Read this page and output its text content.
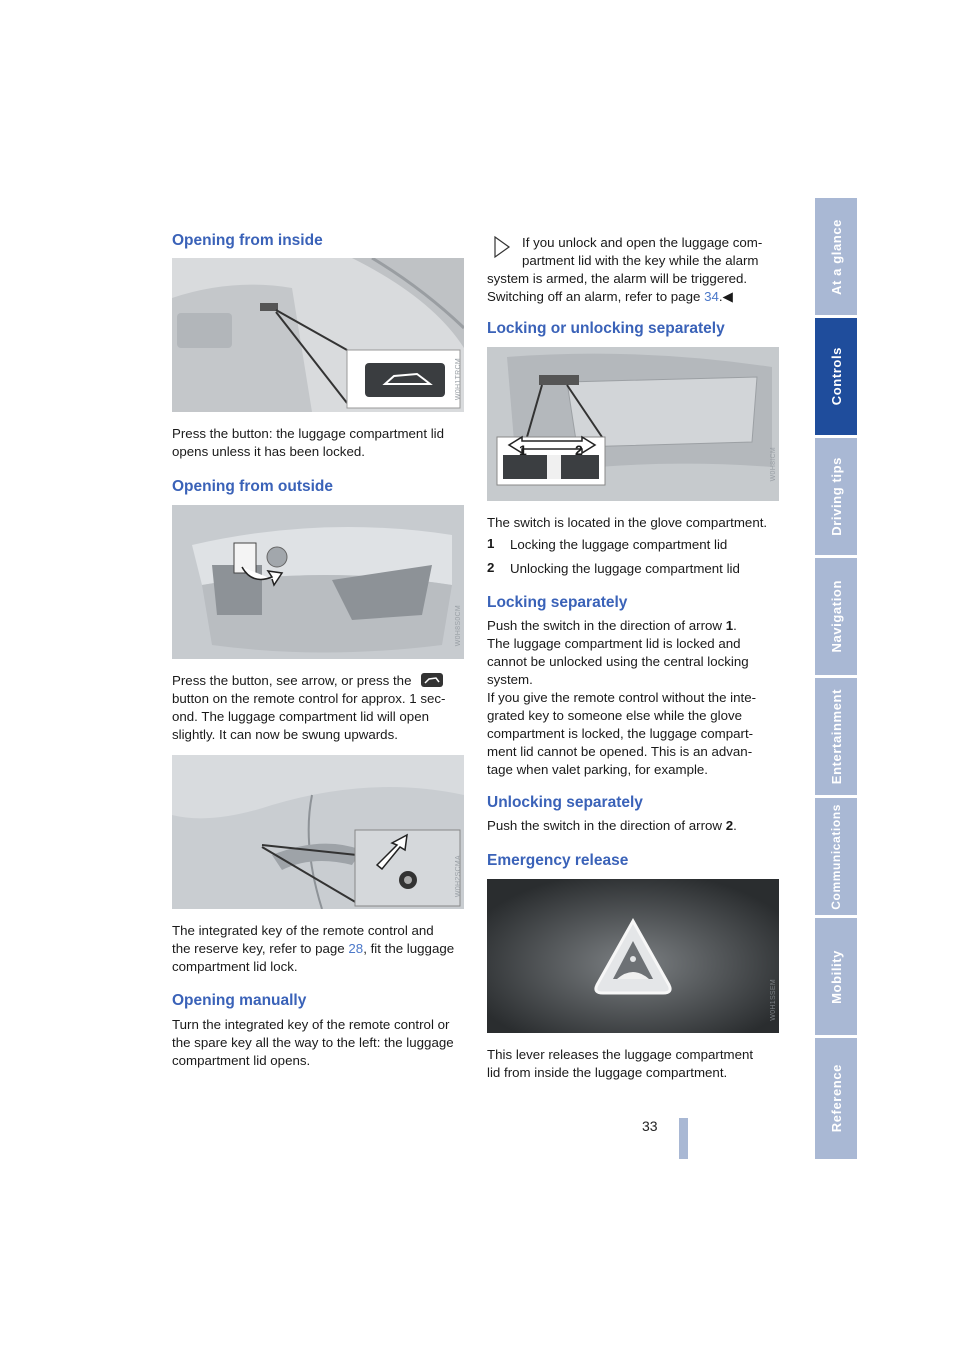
At a glance
Controls
Driving tips
Navigation
Entertainment
Communications
Mobility
Reference
33
Opening from inside
W0H1TRCM

Press the button: the luggage compartment lid

opens unless it has been locked.

Opening from outside
W0H8S0CM

Press the button, see arrow, or press the

button on the remote control for approx. 1 sec-

ond. The luggage compartment lid will open

slightly. It can now be swung upwards.

W0H2SCMA

The integrated key of the remote control and

the reserve key, refer to page 28, fit the luggage

compartment lid lock.

Opening manually

Turn the integrated key of the remote control or

the spare key all the way to the left: the luggage

compartment lid opens.

If you unlock and open the luggage com-

partment lid with the key while the alarm

system is armed, the alarm will be triggered.

Switching off an alarm, refer to page 34.◀

Locking or unlocking separately
1	2	W0H8ICM

The switch is located in the glove compartment.

1 Locking the luggage compartment lid

2 Unlocking the luggage compartment lid

Locking separately

Push the switch in the direction of arrow 1.

The luggage compartment lid is locked and

cannot be unlocked using the central locking

system.

If you give the remote control without the inte-

grated key to someone else while the glove

compartment is locked, the luggage compart-

ment lid cannot be opened. This is an advan-

tage when valet parking, for example.

Unlocking separately

Push the switch in the direction of arrow 2.

Emergency release
W0H1SSEM

This lever releases the luggage compartment

lid from inside the luggage compartment.
